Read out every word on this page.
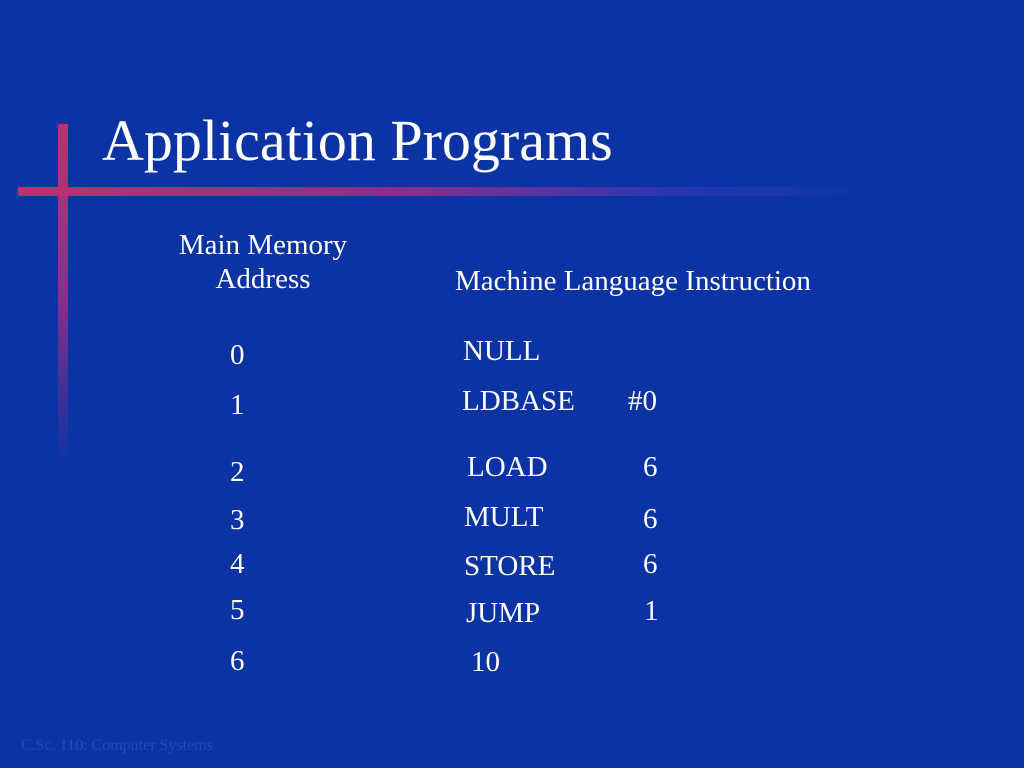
Application Programs
Main Memory
Address	Machine Language Instruction
0	NULL
1	LDBASE #0
2	LOAD	6
3	MULT	6
4	STORE	6
5	JUMP	1
6	10
C.Sc. 110: Computer Systems
